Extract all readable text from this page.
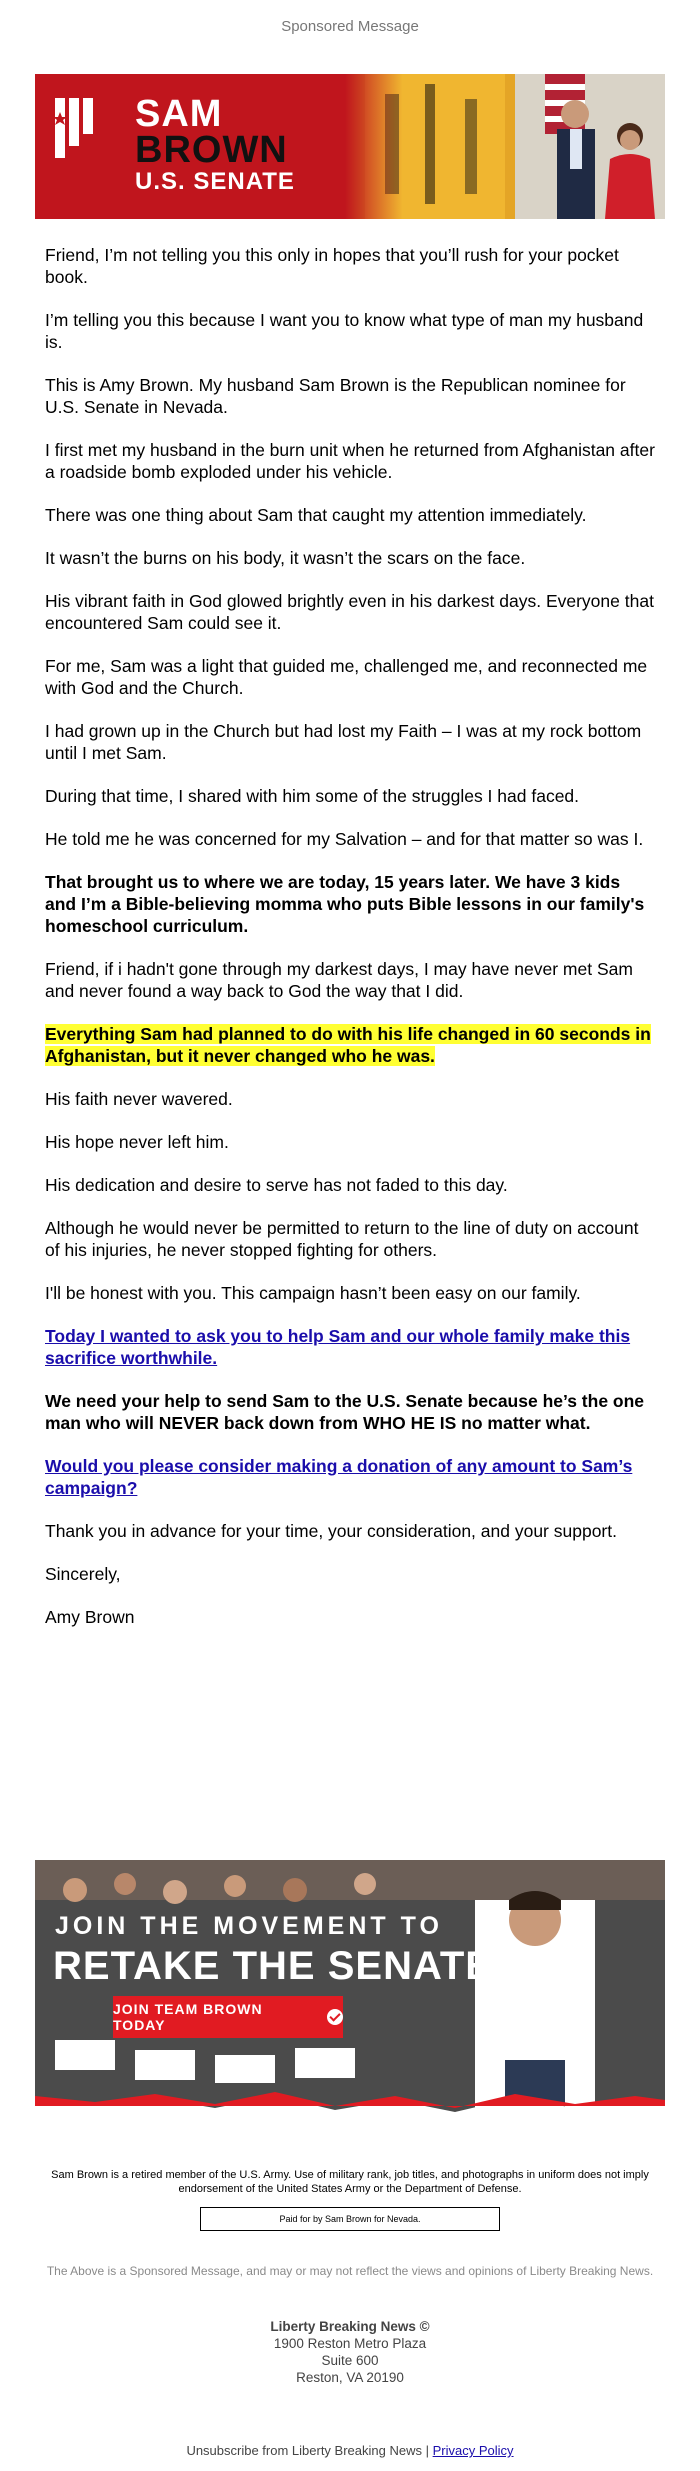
Sponsored Message
SAM
BROWN
U.S. SENATE

Friend, I’m not telling you this only in hopes that you’ll rush for your pocket book.

I’m telling you this because I want you to know what type of man my husband is.

This is Amy Brown. My husband Sam Brown is the Republican nominee for U.S. Senate in Nevada.

I first met my husband in the burn unit when he returned from Afghanistan after a roadside bomb exploded under his vehicle.

There was one thing about Sam that caught my attention immediately.

It wasn’t the burns on his body, it wasn’t the scars on the face.

His vibrant faith in God glowed brightly even in his darkest days. Everyone that encountered Sam could see it.

For me, Sam was a light that guided me, challenged me, and reconnected me with God and the Church.

I had grown up in the Church but had lost my Faith – I was at my rock bottom until I met Sam.

During that time, I shared with him some of the struggles I had faced.

He told me he was concerned for my Salvation – and for that matter so was I.

That brought us to where we are today, 15 years later. We have 3 kids and I’m a Bible-believing momma who puts Bible lessons in our family's homeschool curriculum.

Friend, if i hadn't gone through my darkest days, I may have never met Sam and never found a way back to God the way that I did.

Everything Sam had planned to do with his life changed in 60 seconds in Afghanistan, but it never changed who he was.

His faith never wavered.

His hope never left him.

His dedication and desire to serve has not faded to this day.

Although he would never be permitted to return to the line of duty on account of his injuries, he never stopped fighting for others.

I'll be honest with you. This campaign hasn’t been easy on our family.

Today I wanted to ask you to help Sam and our whole family make this sacrifice worthwhile.

We need your help to send Sam to the U.S. Senate because he’s the one man who will NEVER back down from WHO HE IS no matter what.

Would you please consider making a donation of any amount to Sam’s campaign?

Thank you in advance for your time, your consideration, and your support.

Sincerely,

Amy Brown

JOIN THE MOVEMENT TO
RETAKE THE SENATE
JOIN TEAM BROWN TODAY
Sam Brown is a retired member of the U.S. Army. Use of military rank, job titles, and photographs in uniform does not imply endorsement of the United States Army or the Department of Defense.
Paid for by Sam Brown for Nevada.
The Above is a Sponsored Message, and may or may not reflect the views and opinions of Liberty Breaking News.
Liberty Breaking News ©
1900 Reston Metro Plaza
Suite 600
Reston, VA 20190
Unsubscribe from Liberty Breaking News | Privacy Policy
